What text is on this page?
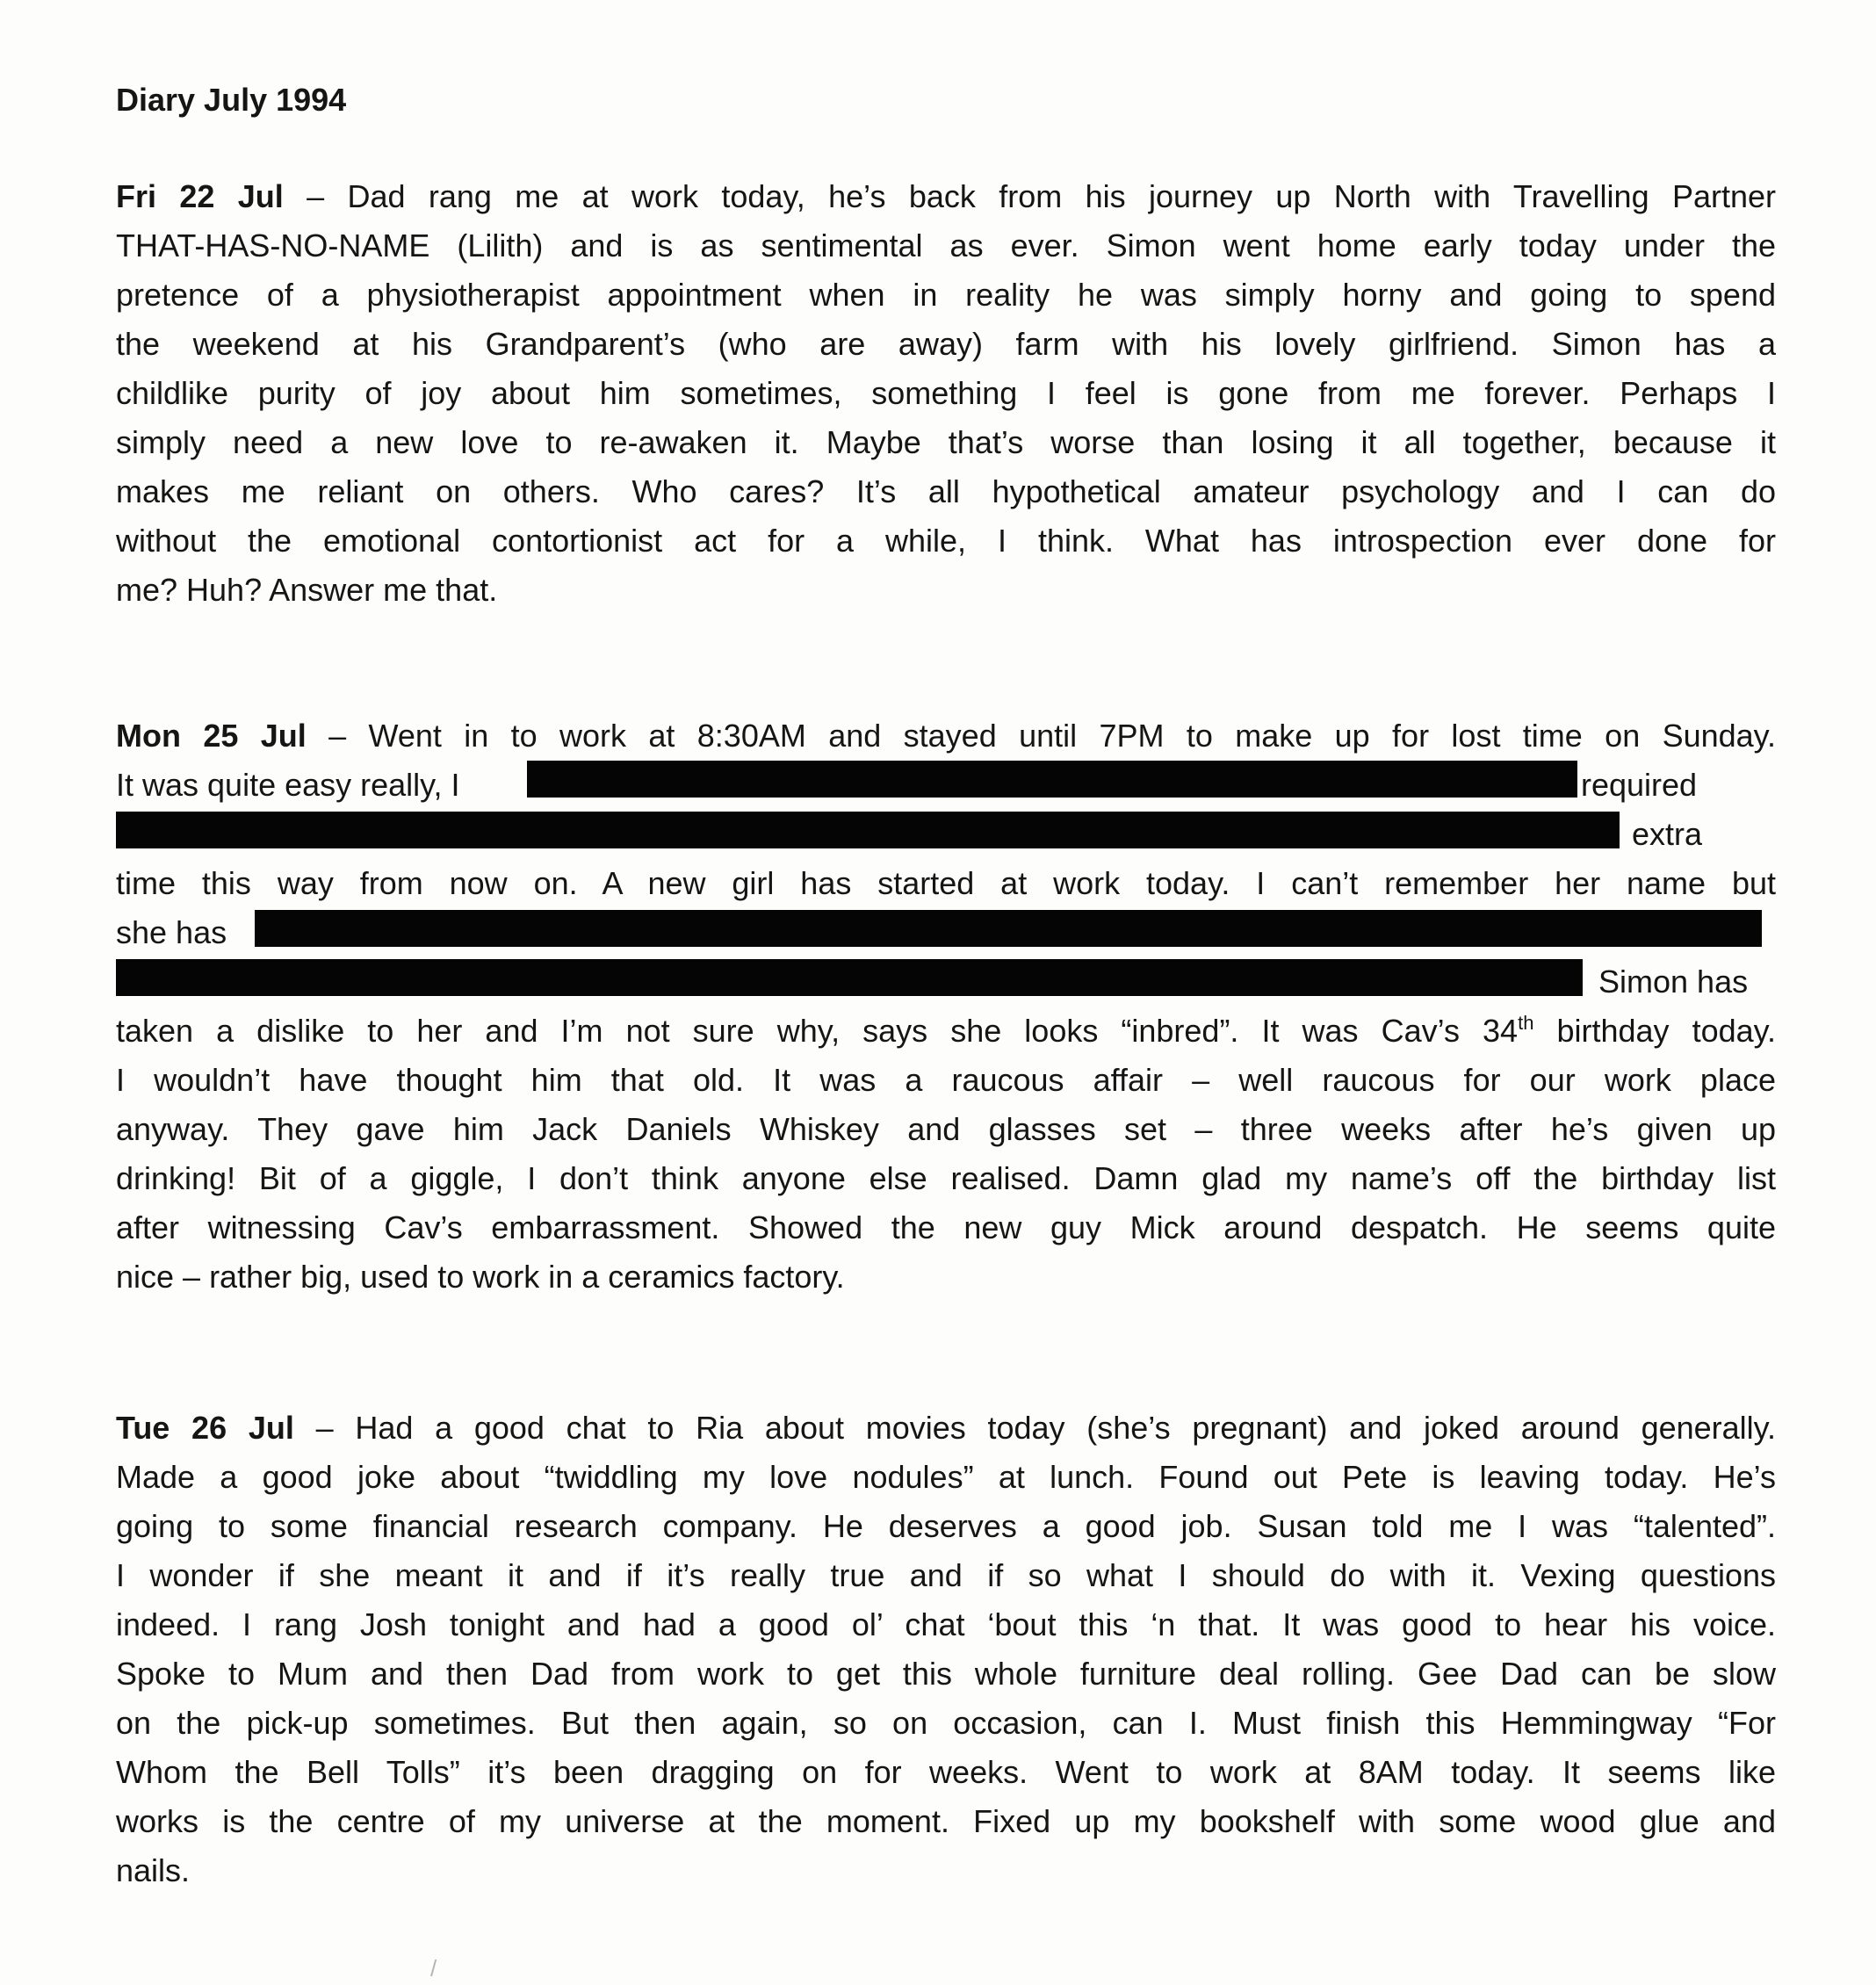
Diary July 1994
Fri 22 Jul – Dad rang me at work today, he’s back from his journey up North with Travelling Partner
THAT-HAS-NO-NAME (Lilith) and is as sentimental as ever. Simon went home early today under the
pretence of a physiotherapist appointment when in reality he was simply horny and going to spend
the weekend at his Grandparent’s (who are away) farm with his lovely girlfriend. Simon has a
childlike purity of joy about him sometimes, something I feel is gone from me forever. Perhaps I
simply need a new love to re-awaken it. Maybe that’s worse than losing it all together, because it
makes me reliant on others. Who cares? It’s all hypothetical amateur psychology and I can do
without the emotional contortionist act for a while, I think. What has introspection ever done for
me? Huh? Answer me that.
Mon 25 Jul – Went in to work at 8:30AM and stayed until 7PM to make up for lost time on Sunday.
It was quite easy really, I	required
extra
time this way from now on. A new girl has started at work today. I can’t remember her name but
she has
Simon has
taken a dislike to her and I’m not sure why, says she looks “inbred”. It was Cav’s 34th birthday today.
I wouldn’t have thought him that old. It was a raucous affair – well raucous for our work place
anyway. They gave him Jack Daniels Whiskey and glasses set – three weeks after he’s given up
drinking! Bit of a giggle, I don’t think anyone else realised. Damn glad my name’s off the birthday list
after witnessing Cav’s embarrassment. Showed the new guy Mick around despatch. He seems quite
nice – rather big, used to work in a ceramics factory.
Tue 26 Jul – Had a good chat to Ria about movies today (she’s pregnant) and joked around generally.
Made a good joke about “twiddling my love nodules” at lunch. Found out Pete is leaving today. He’s
going to some financial research company. He deserves a good job. Susan told me I was “talented”.
I wonder if she meant it and if it’s really true and if so what I should do with it. Vexing questions
indeed. I rang Josh tonight and had a good ol’ chat ‘bout this ‘n that. It was good to hear his voice.
Spoke to Mum and then Dad from work to get this whole furniture deal rolling. Gee Dad can be slow
on the pick-up sometimes. But then again, so on occasion, can I. Must finish this Hemmingway “For
Whom the Bell Tolls” it’s been dragging on for weeks. Went to work at 8AM today. It seems like
works is the centre of my universe at the moment. Fixed up my bookshelf with some wood glue and
nails.
/
